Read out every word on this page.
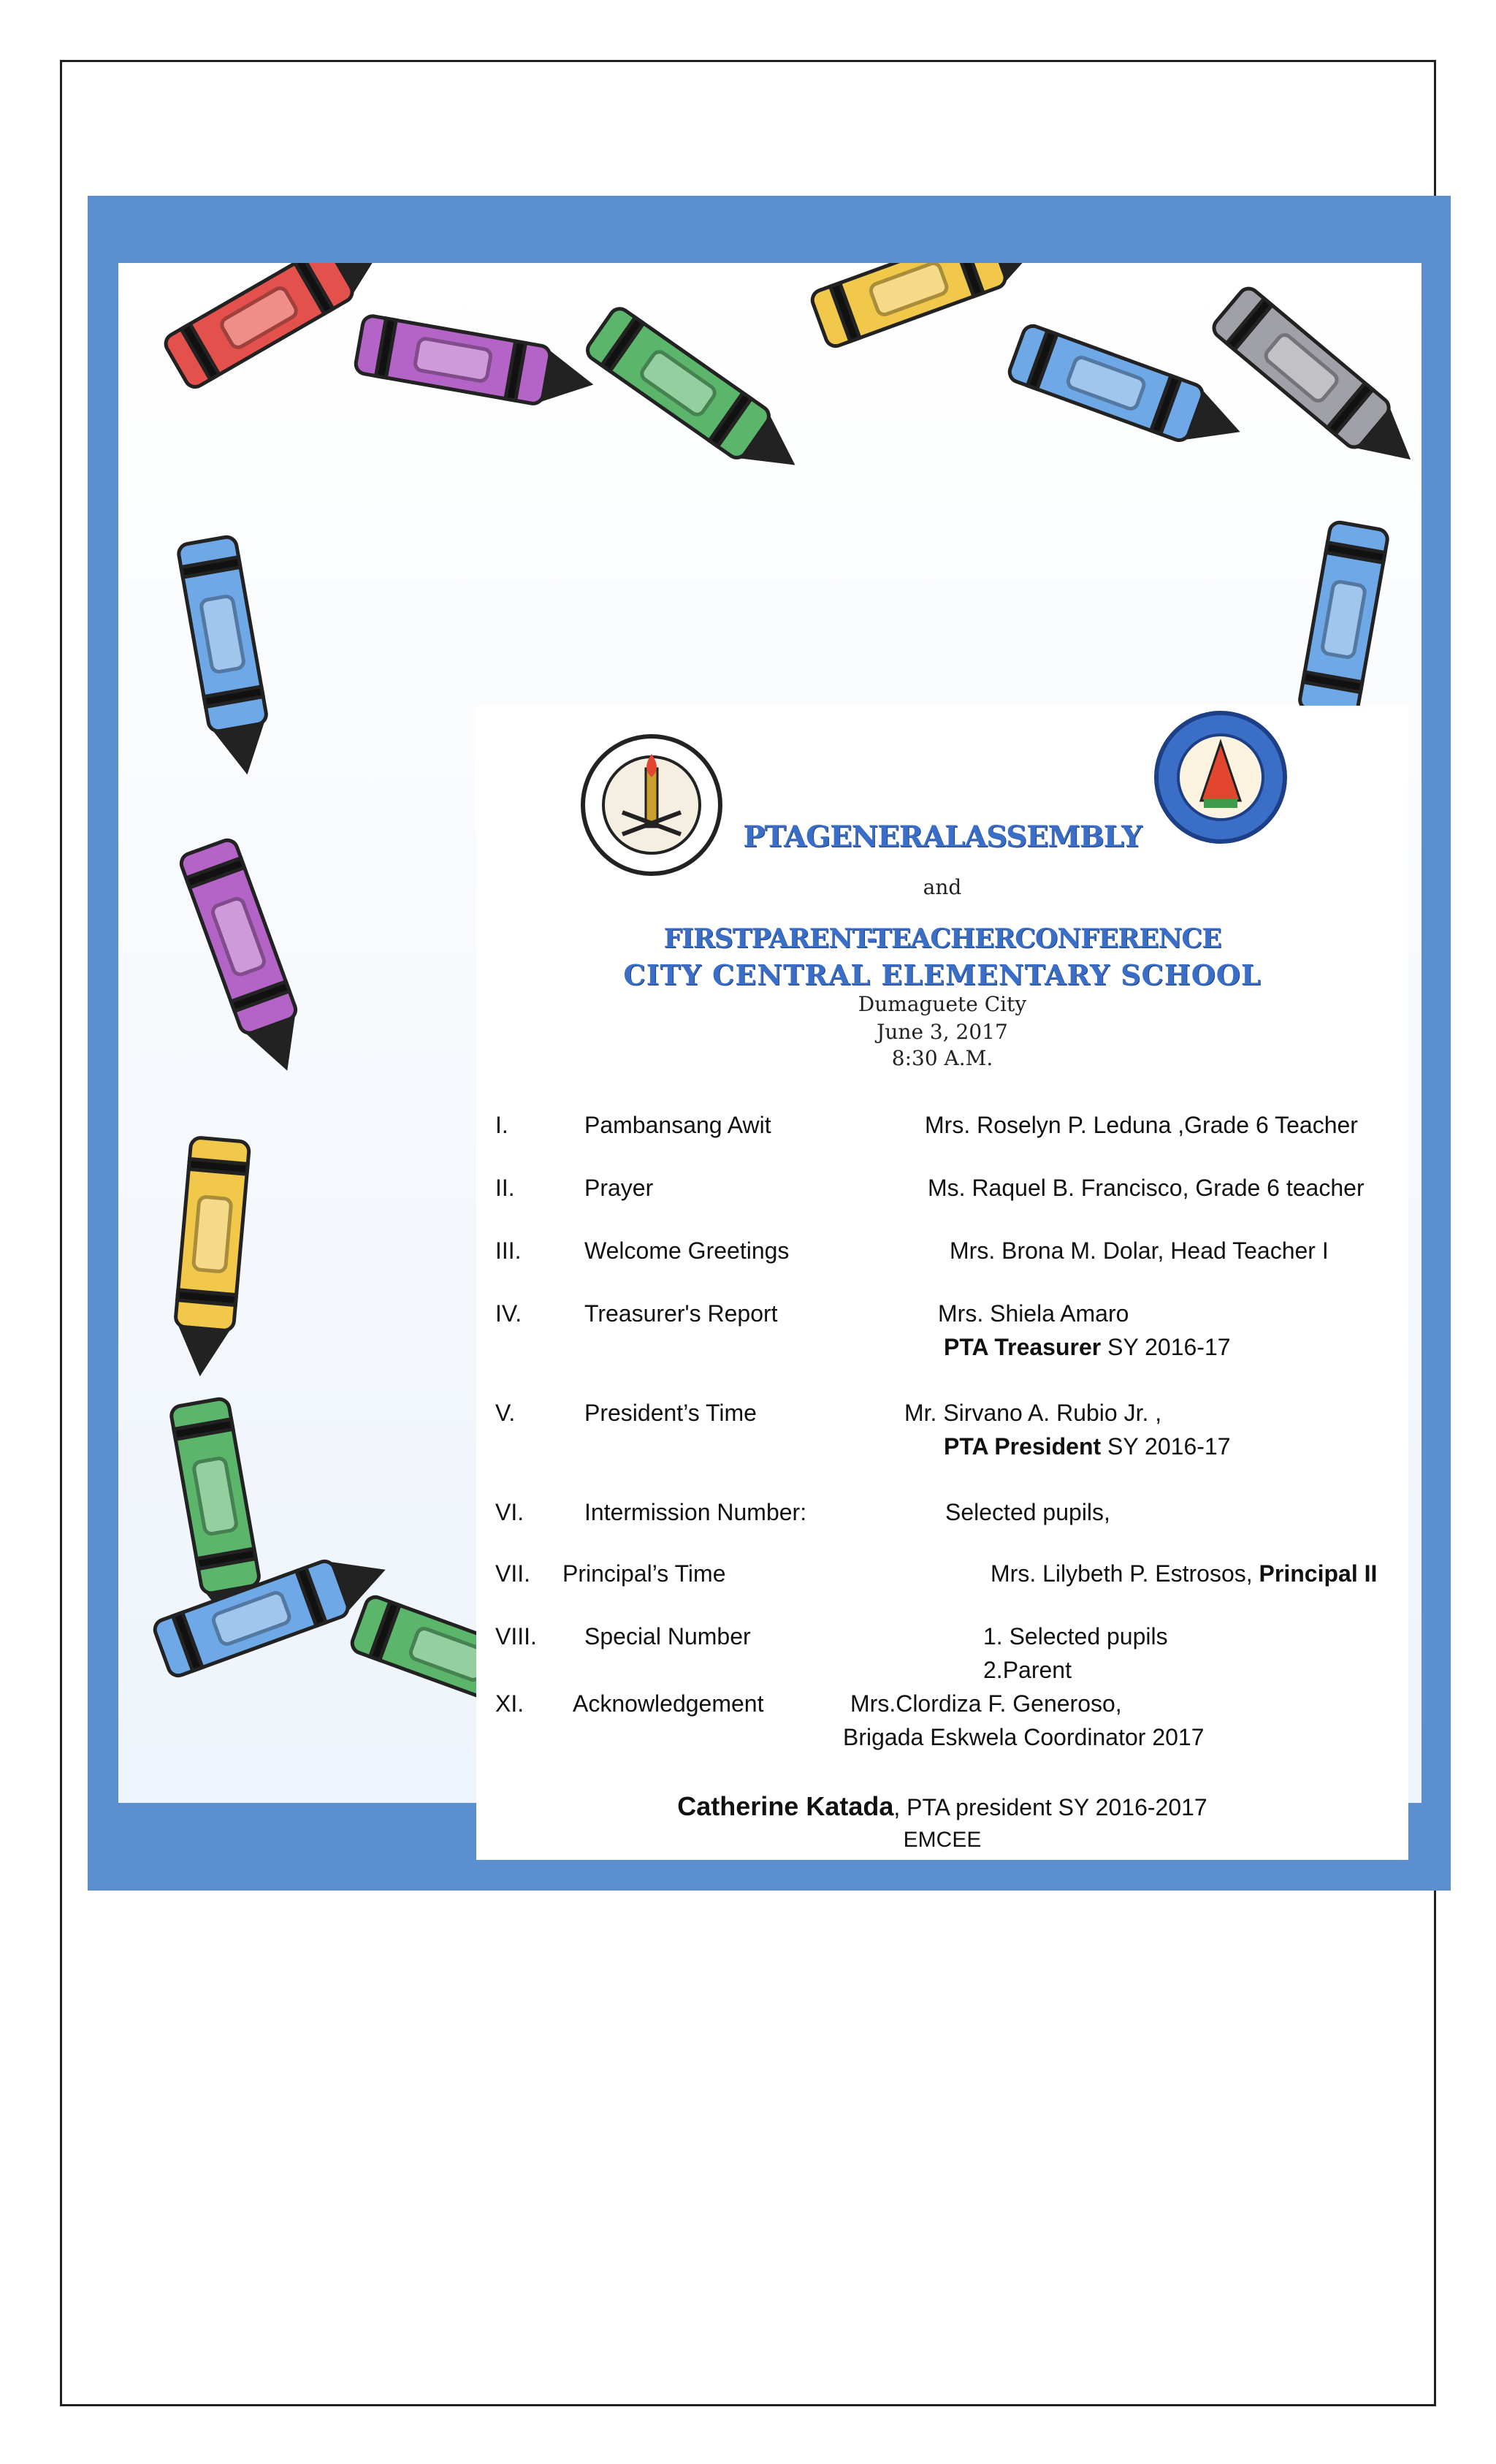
PTAGENERALASSEMBLY
and
FIRSTPARENT-TEACHERCONFERENCE
CITY CENTRAL ELEMENTARY SCHOOL
Dumaguete City
June 3, 2017
8:30 A.M.
I.	Pambansang Awit	Mrs. Roselyn P. Leduna ,Grade 6 Teacher
II.	Prayer	Ms. Raquel B. Francisco, Grade 6 teacher
III.	Welcome Greetings	Mrs. Brona M. Dolar, Head Teacher I
IV.	Treasurer's Report	Mrs. Shiela Amaro
PTA Treasurer SY 2016-17
V.	President’s Time	Mr. Sirvano A. Rubio Jr. ,
PTA President SY 2016-17
VI.	Intermission Number:	Selected pupils,
VII. Principal’s Time	Mrs. Lilybeth P. Estrosos, Principal II
VIII. Special Number	1. Selected pupils
2.Parent
XI. Acknowledgement	Mrs.Clordiza F. Generoso,
Brigada Eskwela Coordinator 2017
Catherine Katada, PTA president SY 2016-2017
EMCEE
